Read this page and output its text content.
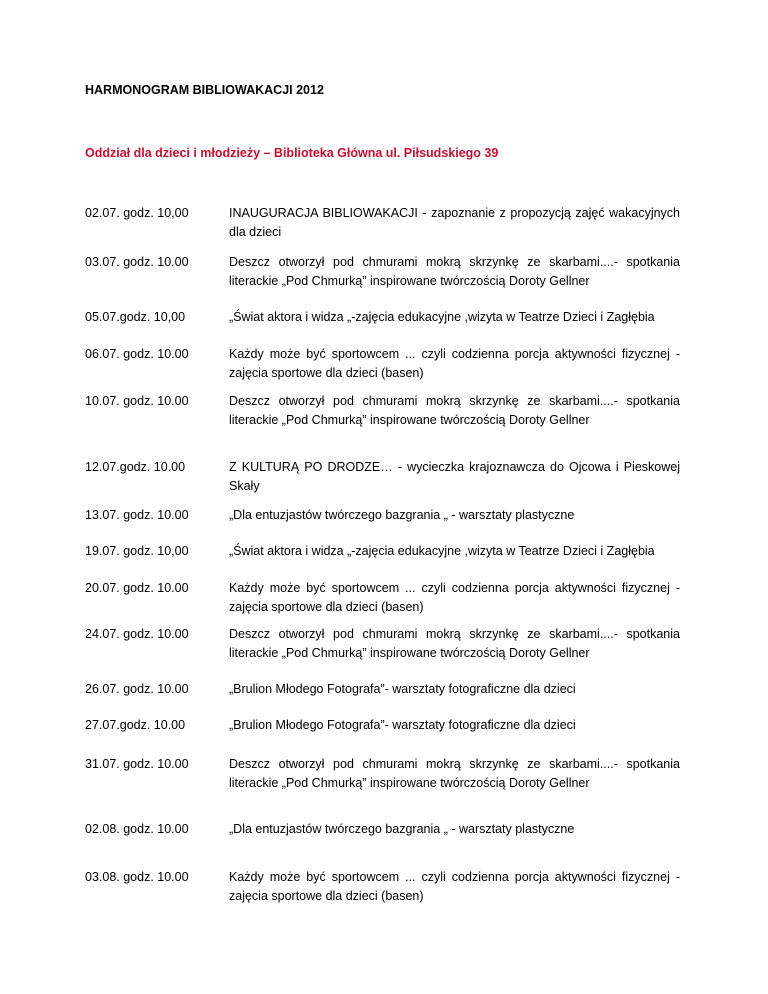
HARMONOGRAM BIBLIOWAKACJI 2012
Oddział dla dzieci i młodzieży – Biblioteka Główna ul. Piłsudskiego 39
02.07. godz. 10,00	INAUGURACJA BIBLIOWAKACJI - zapoznanie z propozycją zajęć wakacyjnych dla dzieci
03.07. godz. 10.00	Deszcz otworzył pod chmurami mokrą skrzynkę ze skarbami....- spotkania literackie „Pod Chmurką” inspirowane twórczością Doroty Gellner
05.07.godz. 10,00	„Świat aktora i widza „-zajęcia edukacyjne ,wizyta w Teatrze Dzieci i Zagłębia
06.07. godz. 10.00	Każdy może być sportowcem ... czyli codzienna porcja aktywności fizycznej - zajęcia sportowe dla dzieci (basen)
10.07. godz. 10.00	Deszcz otworzył pod chmurami mokrą skrzynkę ze skarbami....- spotkania literackie „Pod Chmurką” inspirowane twórczością Doroty Gellner
12.07.godz. 10.00	Z KULTURĄ PO DRODZE… - wycieczka krajoznawcza do Ojcowa i Pieskowej Skały
13.07. godz. 10.00	„Dla entuzjastów twórczego bazgrania „ - warsztaty plastyczne
19.07. godz. 10,00	„Świat aktora i widza „-zajęcia edukacyjne ,wizyta w Teatrze Dzieci i Zagłębia
20.07. godz. 10.00	Każdy może być sportowcem ... czyli codzienna porcja aktywności fizycznej - zajęcia sportowe dla dzieci (basen)
24.07. godz. 10.00	Deszcz otworzył pod chmurami mokrą skrzynkę ze skarbami....- spotkania literackie „Pod Chmurką” inspirowane twórczością Doroty Gellner
26.07. godz. 10.00	„Brulion Młodego Fotografa”- warsztaty fotograficzne dla dzieci
27.07.godz. 10.00	„Brulion Młodego Fotografa”- warsztaty fotograficzne dla dzieci
31.07. godz. 10.00	Deszcz otworzył pod chmurami mokrą skrzynkę ze skarbami....- spotkania literackie „Pod Chmurką” inspirowane twórczością Doroty Gellner
02.08. godz. 10.00	„Dla entuzjastów twórczego bazgrania „ - warsztaty plastyczne
03.08. godz. 10.00	Każdy może być sportowcem ... czyli codzienna porcja aktywności fizycznej - zajęcia sportowe dla dzieci (basen)
